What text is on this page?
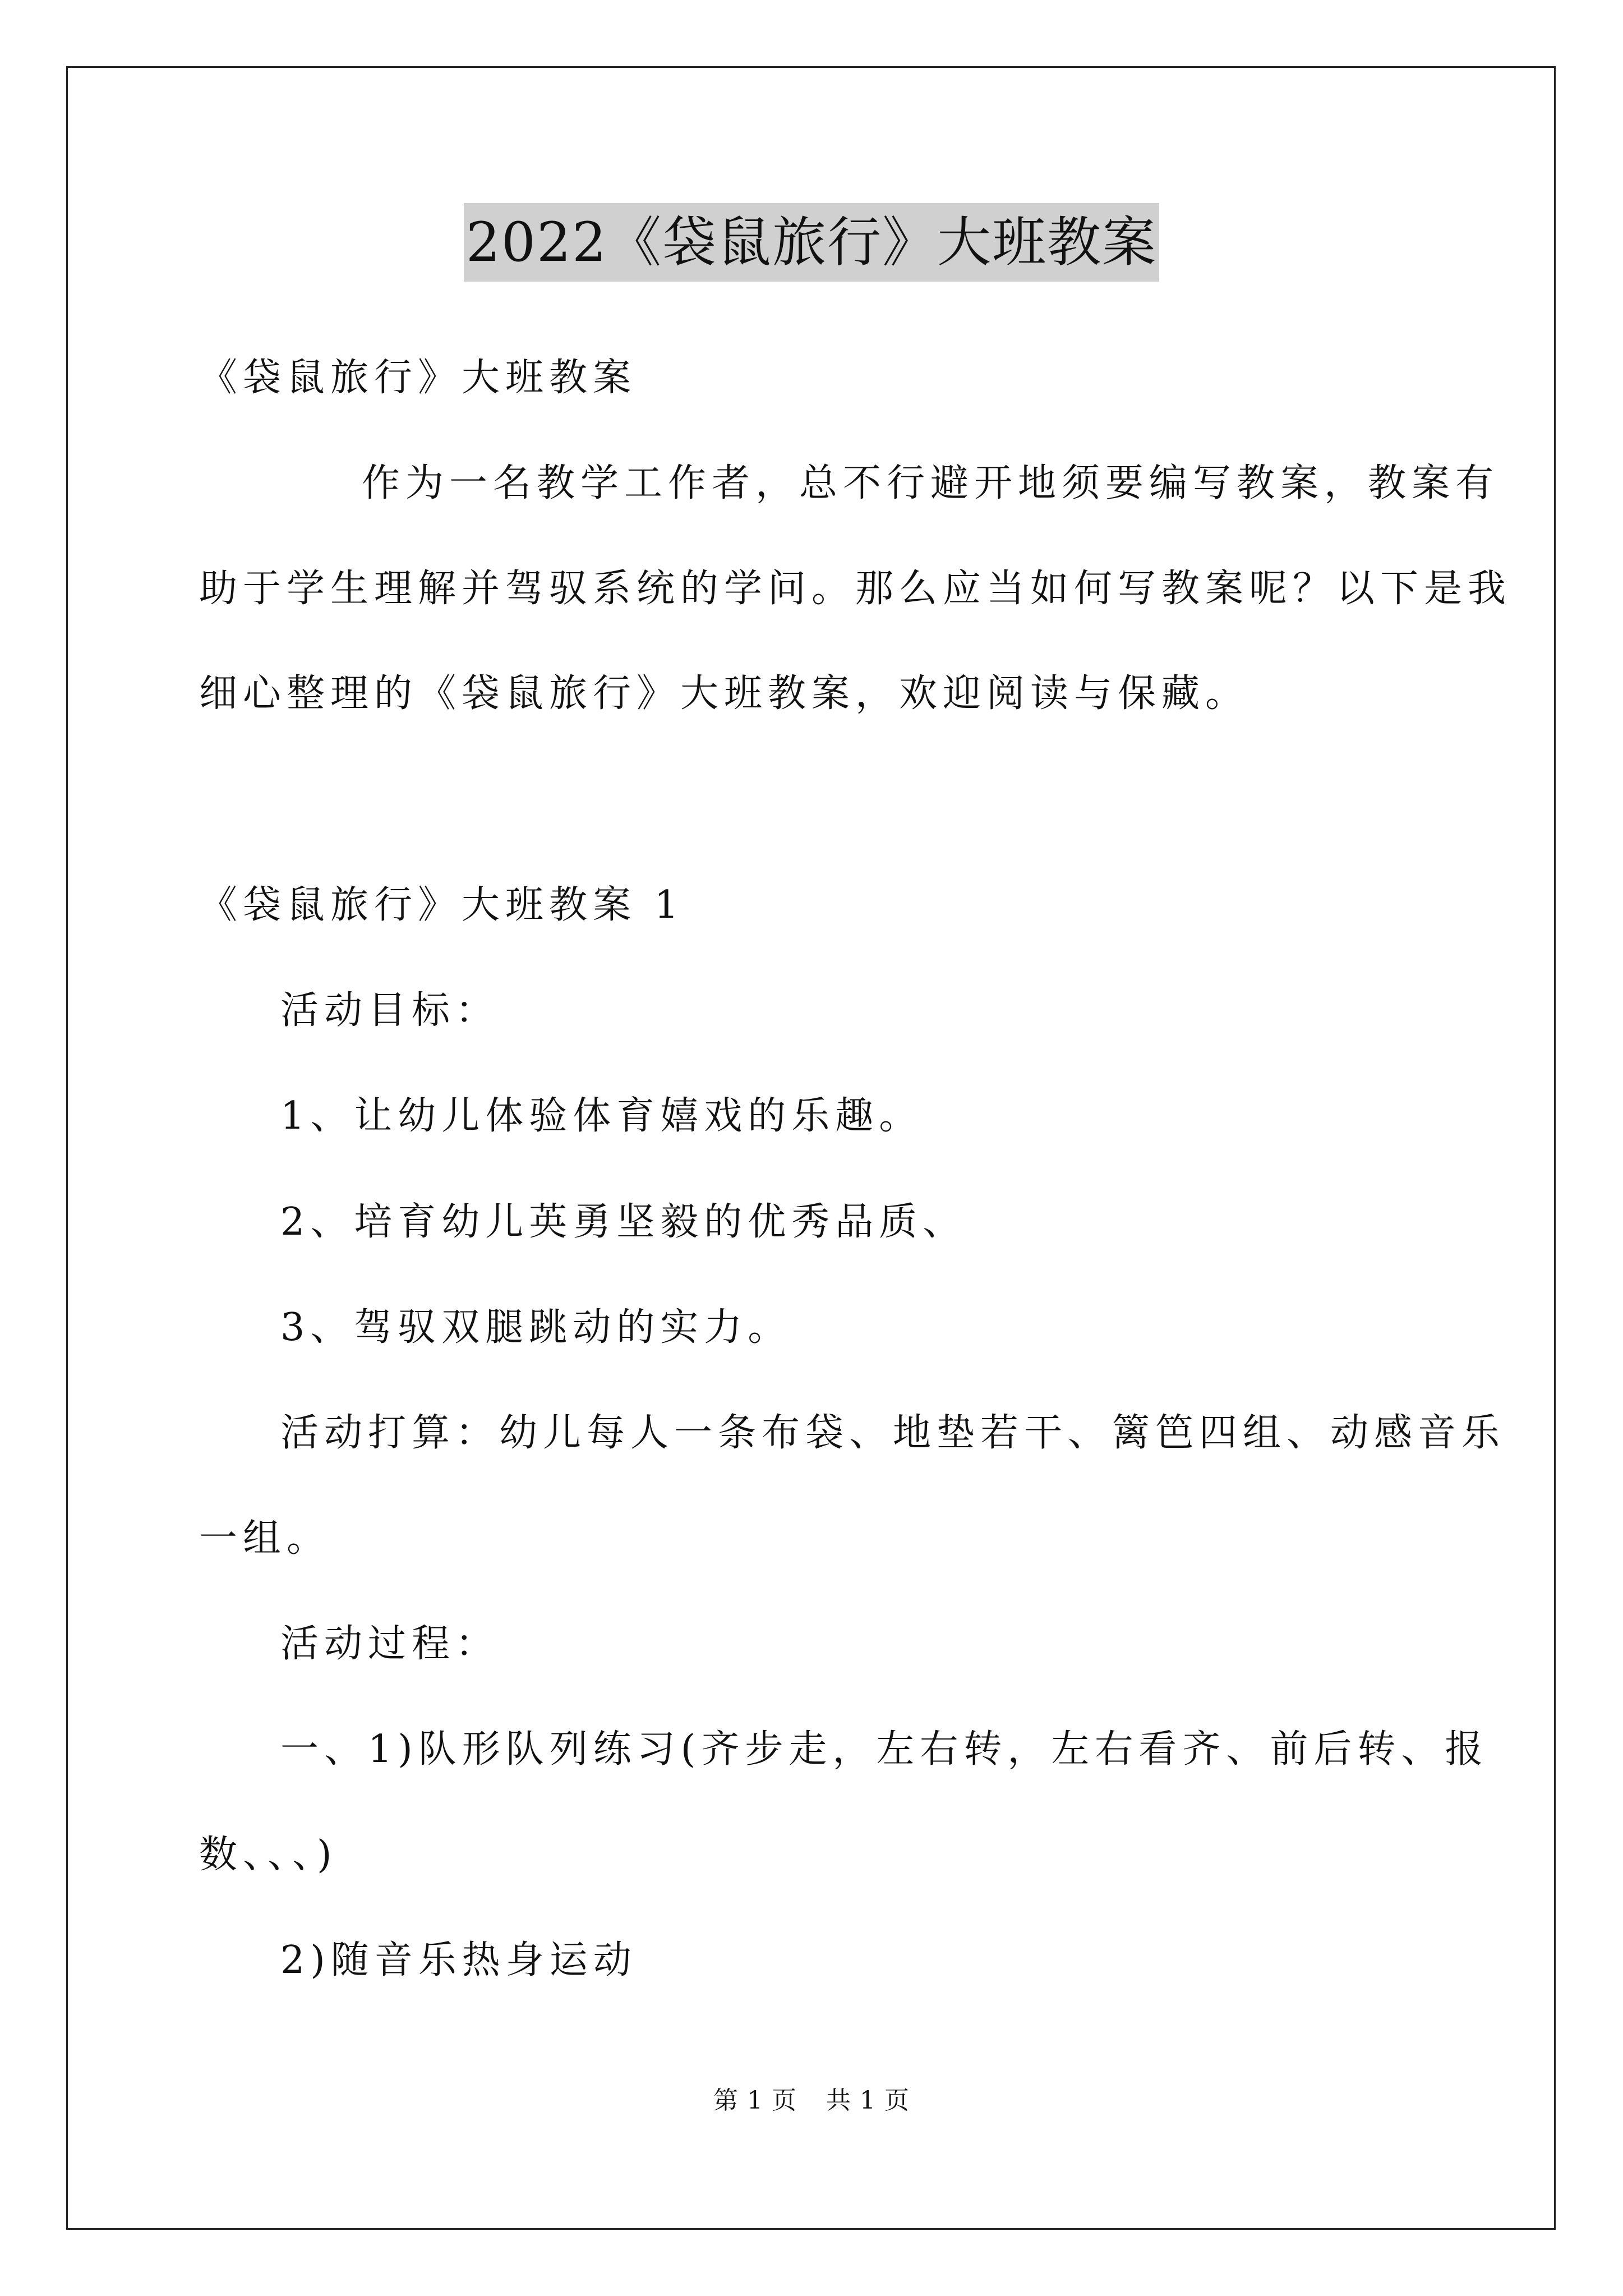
2022《袋鼠旅行》大班教案
《袋鼠旅行》大班教案
作为一名教学工作者，总不行避开地须要编写教案，教案有
助于学生理解并驾驭系统的学问。那么应当如何写教案呢？以下是我
细心整理的《袋鼠旅行》大班教案，欢迎阅读与保藏。
《袋鼠旅行》大班教案 1
活动目标：
1、让幼儿体验体育嬉戏的乐趣。
2、培育幼儿英勇坚毅的优秀品质、
3、驾驭双腿跳动的实力。
活动打算：幼儿每人一条布袋、地垫若干、篱笆四组、动感音乐
一组。
活动过程：
一、1)队形队列练习(齐步走，左右转，左右看齐、前后转、报
数、、、)
2)随音乐热身运动
第 1 页 共 1 页
